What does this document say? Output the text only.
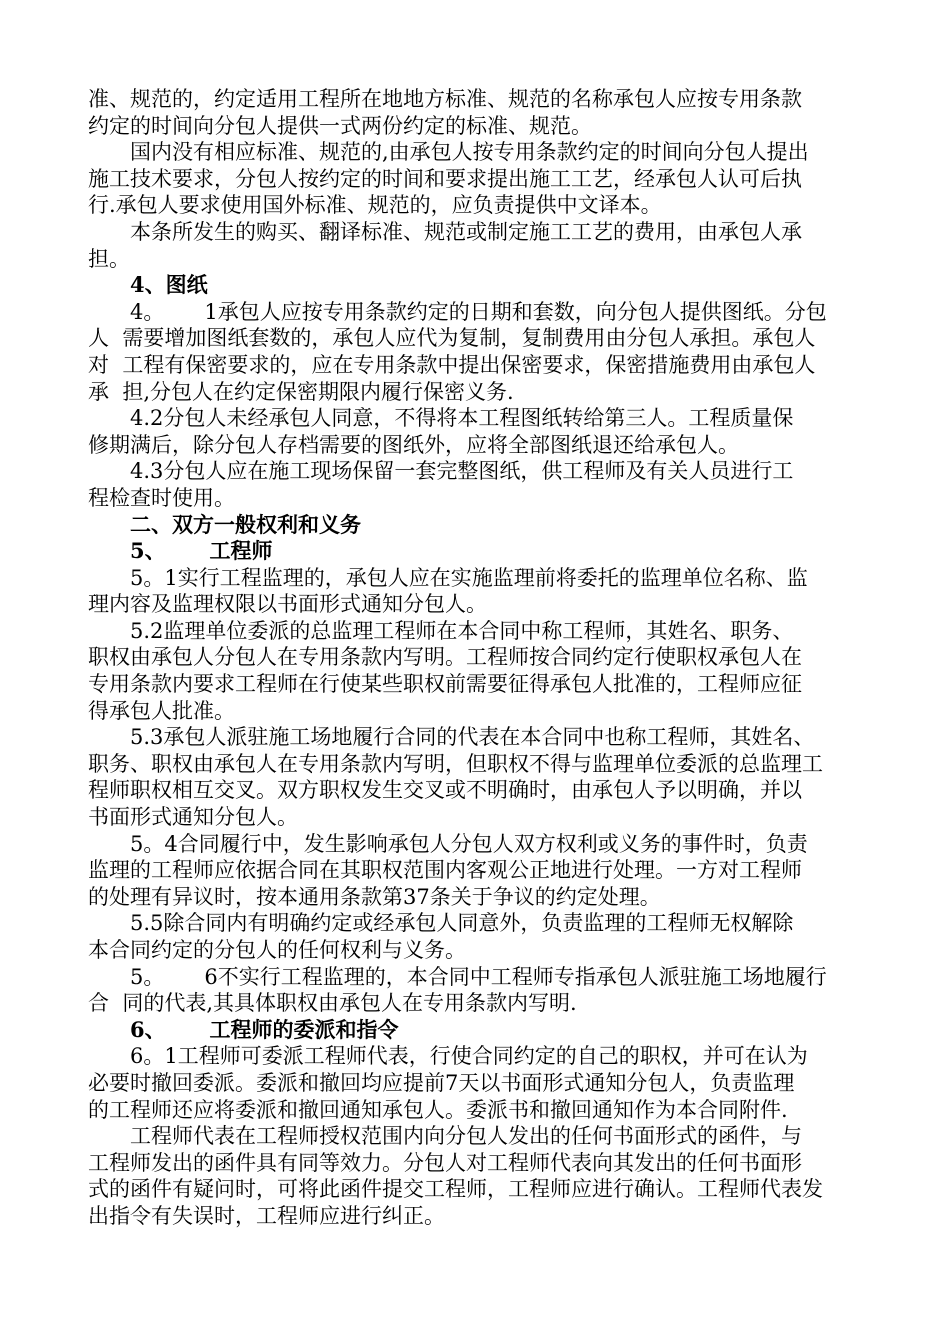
准、规范的，约定适用工程所在地地方标准、规范的名称承包人应按专用条款

约定的时间向分包人提供一式两份约定的标准、规范。

国内没有相应标准、规范的,由承包人按专用条款约定的时间向分包人提出

施工技术要求，分包人按约定的时间和要求提出施工工艺，经承包人认可后执

行.承包人要求使用国外标准、规范的，应负责提供中文译本。

本条所发生的购买、翻译标准、规范或制定施工工艺的费用，由承包人承

担。

4、图纸

4。      1承包人应按专用条款约定的日期和套数，向分包人提供图纸。分包

人  需要增加图纸套数的，承包人应代为复制，复制费用由分包人承担。承包人

对  工程有保密要求的，应在专用条款中提出保密要求，保密措施费用由承包人

承  担,分包人在约定保密期限内履行保密义务.

4.2分包人未经承包人同意，不得将本工程图纸转给第三人。工程质量保

修期满后，除分包人存档需要的图纸外，应将全部图纸退还给承包人。

4.3分包人应在施工现场保留一套完整图纸，供工程师及有关人员进行工

程检查时使用。

二、双方一般权利和义务

5、      工程师

5。1实行工程监理的，承包人应在实施监理前将委托的监理单位名称、监

理内容及监理权限以书面形式通知分包人。

5.2监理单位委派的总监理工程师在本合同中称工程师，其姓名、职务、

职权由承包人分包人在专用条款内写明。工程师按合同约定行使职权承包人在

专用条款内要求工程师在行使某些职权前需要征得承包人批准的，工程师应征

得承包人批准。

5.3承包人派驻施工场地履行合同的代表在本合同中也称工程师，其姓名、

职务、职权由承包人在专用条款内写明，但职权不得与监理单位委派的总监理工

程师职权相互交叉。双方职权发生交叉或不明确时，由承包人予以明确，并以

书面形式通知分包人。

5。4合同履行中，发生影响承包人分包人双方权利或义务的事件时，负责

监理的工程师应依据合同在其职权范围内客观公正地进行处理。一方对工程师

的处理有异议时，按本通用条款第37条关于争议的约定处理。

5.5除合同内有明确约定或经承包人同意外，负责监理的工程师无权解除

本合同约定的分包人的任何权利与义务。

5。      6不实行工程监理的，本合同中工程师专指承包人派驻施工场地履行

合  同的代表,其具体职权由承包人在专用条款内写明.

6、      工程师的委派和指令

6。1工程师可委派工程师代表，行使合同约定的自己的职权，并可在认为

必要时撤回委派。委派和撤回均应提前7天以书面形式通知分包人，负责监理

的工程师还应将委派和撤回通知承包人。委派书和撤回通知作为本合同附件.

工程师代表在工程师授权范围内向分包人发出的任何书面形式的函件，与

工程师发出的函件具有同等效力。分包人对工程师代表向其发出的任何书面形

式的函件有疑问时，可将此函件提交工程师，工程师应进行确认。工程师代表发

出指令有失误时，工程师应进行纠正。
